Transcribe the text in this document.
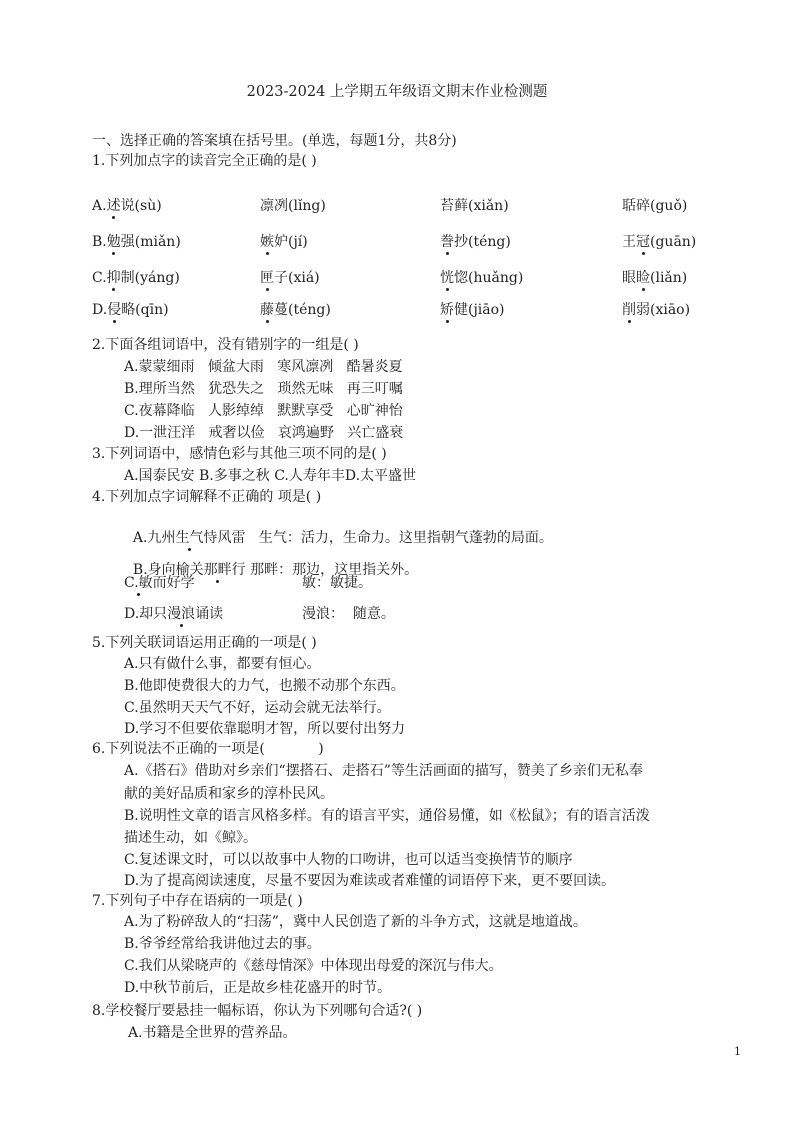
2023-2024 上学期五年级语文期末作业检测题
一、选择正确的答案填在括号里。(单选，每题1分，共8分)
1.下列加点字的读音完全正确的是( )
A.述说(sù)	凛冽(lǐng)	苔藓(xiǎn)	聒碎(guǒ)
B.勉强(miǎn)	嫉妒(jí)	誊抄(téng)	王冠(guān)
C.抑制(yáng)	匣子(xiá)	恍惚(huǎng)	眼睑(liǎn)
D.侵略(qīn)	藤蔓(téng)	矫健(jiāo)	削弱(xiāo)
2.下面各组词语中，没有错别字的一组是( )
A.蒙蒙细雨   倾盆大雨   寒风凛冽   酷暑炎夏
B.理所当然   犹恐失之   琐然无味   再三叮嘱
C.夜幕降临   人影绰绰   默默享受   心旷神怡
D.一泄汪洋   戒奢以俭   哀鸿遍野   兴亡盛衰
3.下列词语中，感情色彩与其他三项不同的是( )
A.国泰民安 B.多事之秋 C.人寿年丰D.太平盛世
4.下列加点字词解释不正确的 项是( )

A.九州生气恃风雷   生气：活力，生命力。这里指朝气蓬勃的局面。

B.身向榆关那畔行 那畔：那边，这里指关外。

C.敏而好学	敏：敏捷。
D.却只漫浪诵读	漫浪：  随意。
5.下列关联词语运用正确的一项是( )
A.只有做什么事，都要有恒心。
B.他即使费很大的力气，也搬不动那个东西。
C.虽然明天天气不好，运动会就无法举行。
D.学习不但要依靠聪明才智，所以要付出努力
6.下列说法不正确的一项是(            )
A.《搭石》借助对乡亲们“摆搭石、走搭石”等生活画面的描写，赞美了乡亲们无私奉
献的美好品质和家乡的淳朴民风。
B.说明性文章的语言风格多样。有的语言平实，通俗易懂，如《松鼠》；有的语言活泼
描述生动，如《鲸》。
C.复述课文时，可以以故事中人物的口吻讲，也可以适当变换情节的顺序
D.为了提高阅读速度，尽量不要因为难读或者难懂的词语停下来，更不要回读。
7.下列句子中存在语病的一项是( )
A.为了粉碎敌人的“扫荡”，冀中人民创造了新的斗争方式，这就是地道战。
B.爷爷经常给我讲他过去的事。
C.我们从梁晓声的《慈母情深》中体现出母爱的深沉与伟大。
D.中秋节前后，正是故乡桂花盛开的时节。
8.学校餐厅要悬挂一幅标语，你认为下列哪句合适?( )
A.书籍是全世界的营养品。
1
